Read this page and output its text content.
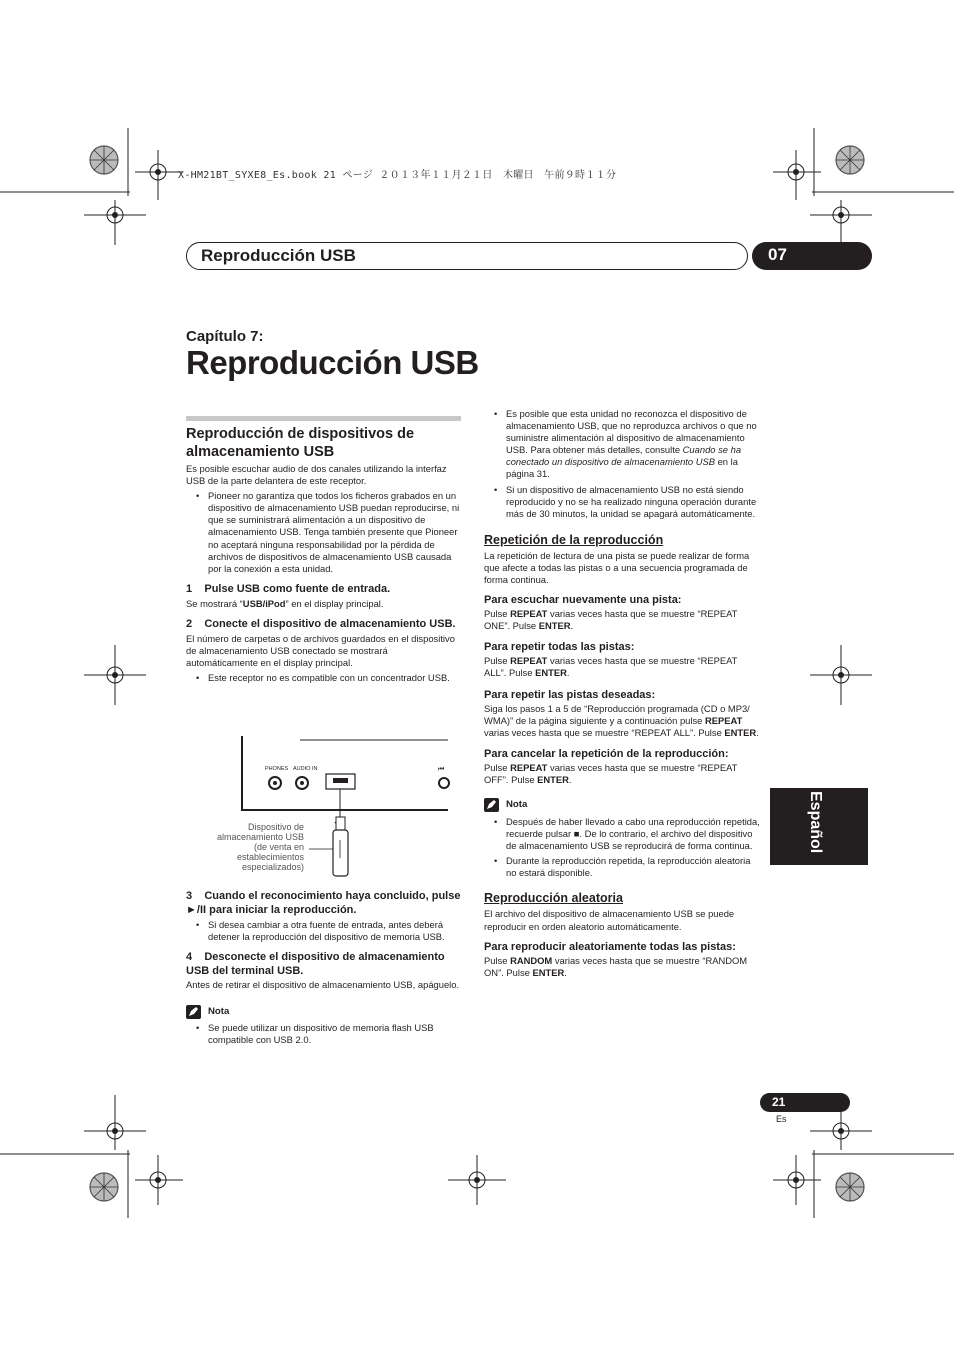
X-HM21BT_SYXE8_Es.book 21 ページ ２０１３年１１月２１日　木曜日　午前９時１１分
Reproducción USB	07
Capítulo 7:
Reproducción USB

Reproducción de dispositivos de almacenamiento USB

Es posible escuchar audio de dos canales utilizando la interfaz USB de la parte delantera de este receptor.

• Pioneer no garantiza que todos los ficheros grabados en un dispositivo de almacenamiento USB puedan reproducirse, ni que se suministrará alimentación a un dispositivo de almacenamiento USB. Tenga también presente que Pioneer no aceptará ninguna responsabilidad por la pérdida de archivos de dispositivos de almacenamiento USB causada por la conexión a esta unidad.

1 Pulse USB como fuente de entrada.

Se mostrará “USB/iPod” en el display principal.

2 Conecte el dispositivo de almacenamiento USB.

El número de carpetas o de archivos guardados en el dispositivo de almacenamiento USB conectado se mostrará automáticamente en el display principal.

• Este receptor no es compatible con un concentrador USB.

⏮
PHONES AUDIO IN
Dispositivo de almacenamiento USB (de venta en establecimientos especializados)

3 Cuando el reconocimiento haya concluido, pulse ►/II para iniciar la reproducción.

• Si desea cambiar a otra fuente de entrada, antes deberá detener la reproducción del dispositivo de memoria USB.

4 Desconecte el dispositivo de almacenamiento USB del terminal USB.

Antes de retirar el dispositivo de almacenamiento USB, apáguelo.

Nota

• Se puede utilizar un dispositivo de memoria flash USB compatible con USB 2.0.

• Es posible que esta unidad no reconozca el dispositivo de almacenamiento USB, que no reproduzca archivos o que no suministre alimentación al dispositivo de almacenamiento USB. Para obtener más detalles, consulte Cuando se ha conectado un dispositivo de almacenamiento USB en la página 31.

• Si un dispositivo de almacenamiento USB no está siendo reproducido y no se ha realizado ninguna operación durante más de 30 minutos, la unidad se apagará automáticamente.

Repetición de la reproducción

La repetición de lectura de una pista se puede realizar de forma que afecte a todas las pistas o a una secuencia programada de forma continua.

Para escuchar nuevamente una pista:

Pulse REPEAT varias veces hasta que se muestre “REPEAT ONE”. Pulse ENTER.

Para repetir todas las pistas:

Pulse REPEAT varias veces hasta que se muestre “REPEAT ALL”. Pulse ENTER.

Para repetir las pistas deseadas:

Siga los pasos 1 a 5 de “Reproducción programada (CD o MP3/ WMA)” de la página siguiente y a continuación pulse REPEAT varias veces hasta que se muestre “REPEAT ALL”. Pulse ENTER.

Para cancelar la repetición de la reproducción:

Pulse REPEAT varias veces hasta que se muestre “REPEAT OFF”. Pulse ENTER.

Nota

• Después de haber llevado a cabo una reproducción repetida, recuerde pulsar ■. De lo contrario, el archivo del dispositivo de almacenamiento USB se reproducirá de forma continua.

• Durante la reproducción repetida, la reproducción aleatoria no estará disponible.

Reproducción aleatoria

El archivo del dispositivo de almacenamiento USB se puede reproducir en orden aleatorio automáticamente.

Para reproducir aleatoriamente todas las pistas:

Pulse RANDOM varias veces hasta que se muestre “RANDOM ON”. Pulse ENTER.

Español
21
Es
